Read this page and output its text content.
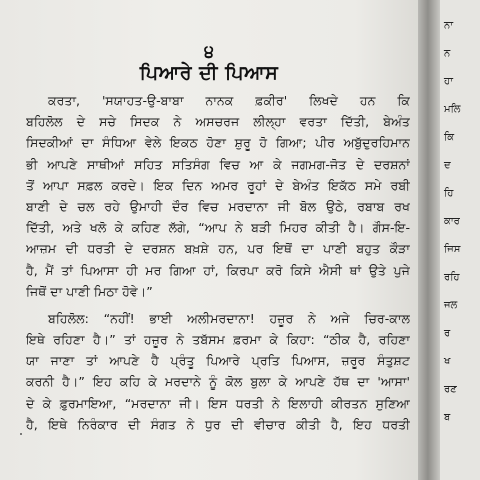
੪
ਪਿਆਰੇ ਦੀ ਪਿਆਸ
ਕਰਤਾ, 'ਸਯਾਹਤ-ਉ-ਬਾਬਾ ਨਾਨਕ ਫ਼ਕੀਰ' ਲਿਖਦੇ ਹਨ ਕਿ
ਬਹਿਲੋਲ ਦੇ ਸਚੇ ਸਿਦਕ ਨੇ ਅਸਚਰਜ ਲੀਲ੍ਹਾ ਵਰਤਾ ਦਿੱਤੀ, ਬੇਅੰਤ
ਸਿਦਕੀਆਂ ਦਾ ਸੰਧਿਆ ਵੇਲੇ ਇਕਠ ਹੋਣਾ ਸ਼ੁਰੂ ਹੋ ਗਿਆ; ਪੀਰ ਅਬੁੱਦੁਰਹਿਮਾਨ
ਭੀ ਆਪਣੇ ਸਾਥੀਆਂ ਸਹਿਤ ਸਤਿਸੰਗ ਵਿਚ ਆ ਕੇ ਜਗਮਗ-ਜੋਤ ਦੇ ਦਰਸ਼ਨਾਂ
ਤੋਂ ਆਪਾ ਸਫ਼ਲ ਕਰਦੇ। ਇਕ ਦਿਨ ਅਮਰ ਰੂਹਾਂ ਦੇ ਬੇਅੰਤ ਇਕੱਠ ਸਮੇ ਰਬੀ
ਬਾਣੀ ਦੇ ਚਲ ਰਹੇ ਉਮਾਹੀ ਦੌਰ ਵਿਚ ਮਰਦਾਨਾ ਜੀ ਬੋਲ ਉਠੇ, ਰਬਾਬ ਰਖ
ਦਿੱਤੀ, ਅਤੇ ਖਲੋ ਕੇ ਕਹਿਣ ਲੱਗੇ, “ਆਪ ਨੇ ਬੜੀ ਮਿਹਰ ਕੀਤੀ ਹੈ। ਗੌਸ-ਇ-
ਆਜ਼ਮ ਦੀ ਧਰਤੀ ਦੇ ਦਰਸ਼ਨ ਬਖ਼ਸ਼ੇ ਹਨ, ਪਰ ਇਥੋਂ ਦਾ ਪਾਣੀ ਬਹੁਤ ਕੌੜਾ
ਹੈ, ਮੈਂ ਤਾਂ ਪਿਆਸਾ ਹੀ ਮਰ ਗਿਆ ਹਾਂ, ਕਿਰਪਾ ਕਰੋ ਕਿਸੇ ਐਸੀ ਥਾਂ ਉਤੇ ਪੁਜੇ
ਜਿਥੋਂ ਦਾ ਪਾਣੀ ਮਿਠਾ ਹੋਵੇ।”
ਬਹਿਲੋਲ: “ਨਹੀਂ! ਭਾਈ ਅਲੀਮਰਦਾਨਾ! ਹਜ਼ੂਰ ਨੇ ਅਜੇ ਚਿਰ-ਕਾਲ
ਇਥੇ ਰਹਿਣਾ ਹੈ।” ਤਾਂ ਹਜ਼ੂਰ ਨੇ ਤਬੱਸਮ ਫ਼ਰਮਾ ਕੇ ਕਿਹਾ: “ਠੀਕ ਹੈ, ਰਹਿਣਾ
ਯਾ ਜਾਣਾ ਤਾਂ ਆਪਣੇ ਹੈ ਪ੍ਰੰਤੂ ਪਿਆਰੇ ਪ੍ਰਤਿ ਪਿਆਸ, ਜ਼ਰੂਰ ਸੰਤੁਸ਼ਟ
ਕਰਨੀ ਹੈ।” ਇਹ ਕਹਿ ਕੇ ਮਰਦਾਨੇ ਨੂੰ ਕੋਲ ਬੁਲਾ ਕੇ ਆਪਣੇ ਹੱਥ ਦਾ 'ਆਸਾ'
ਦੇ ਕੇ ਫ਼ੁਰਮਾਇਆ, “ਮਰਦਾਨਾ ਜੀ। ਇਸ ਧਰਤੀ ਨੇ ਇਲਾਹੀ ਕੀਰਤਨ ਸੁਣਿਆ
ਹੈ, ਇਥੇ ਨਿਰੰਕਾਰ ਦੀ ਸੰਗਤ ਨੇ ਧੁਰ ਦੀ ਵੀਚਾਰ ਕੀਤੀ ਹੈ, ਇਹ ਧਰਤੀ
ਨਾ
ਨ
ਹਾ
ਮਲਿ
ਕਿ
ਦ
ਹਿ
ਕਾਰ
ਜਿਸ
ਰਹਿ
ਜਲ
ਰ
ਖ
ਰਣ
ਬ
